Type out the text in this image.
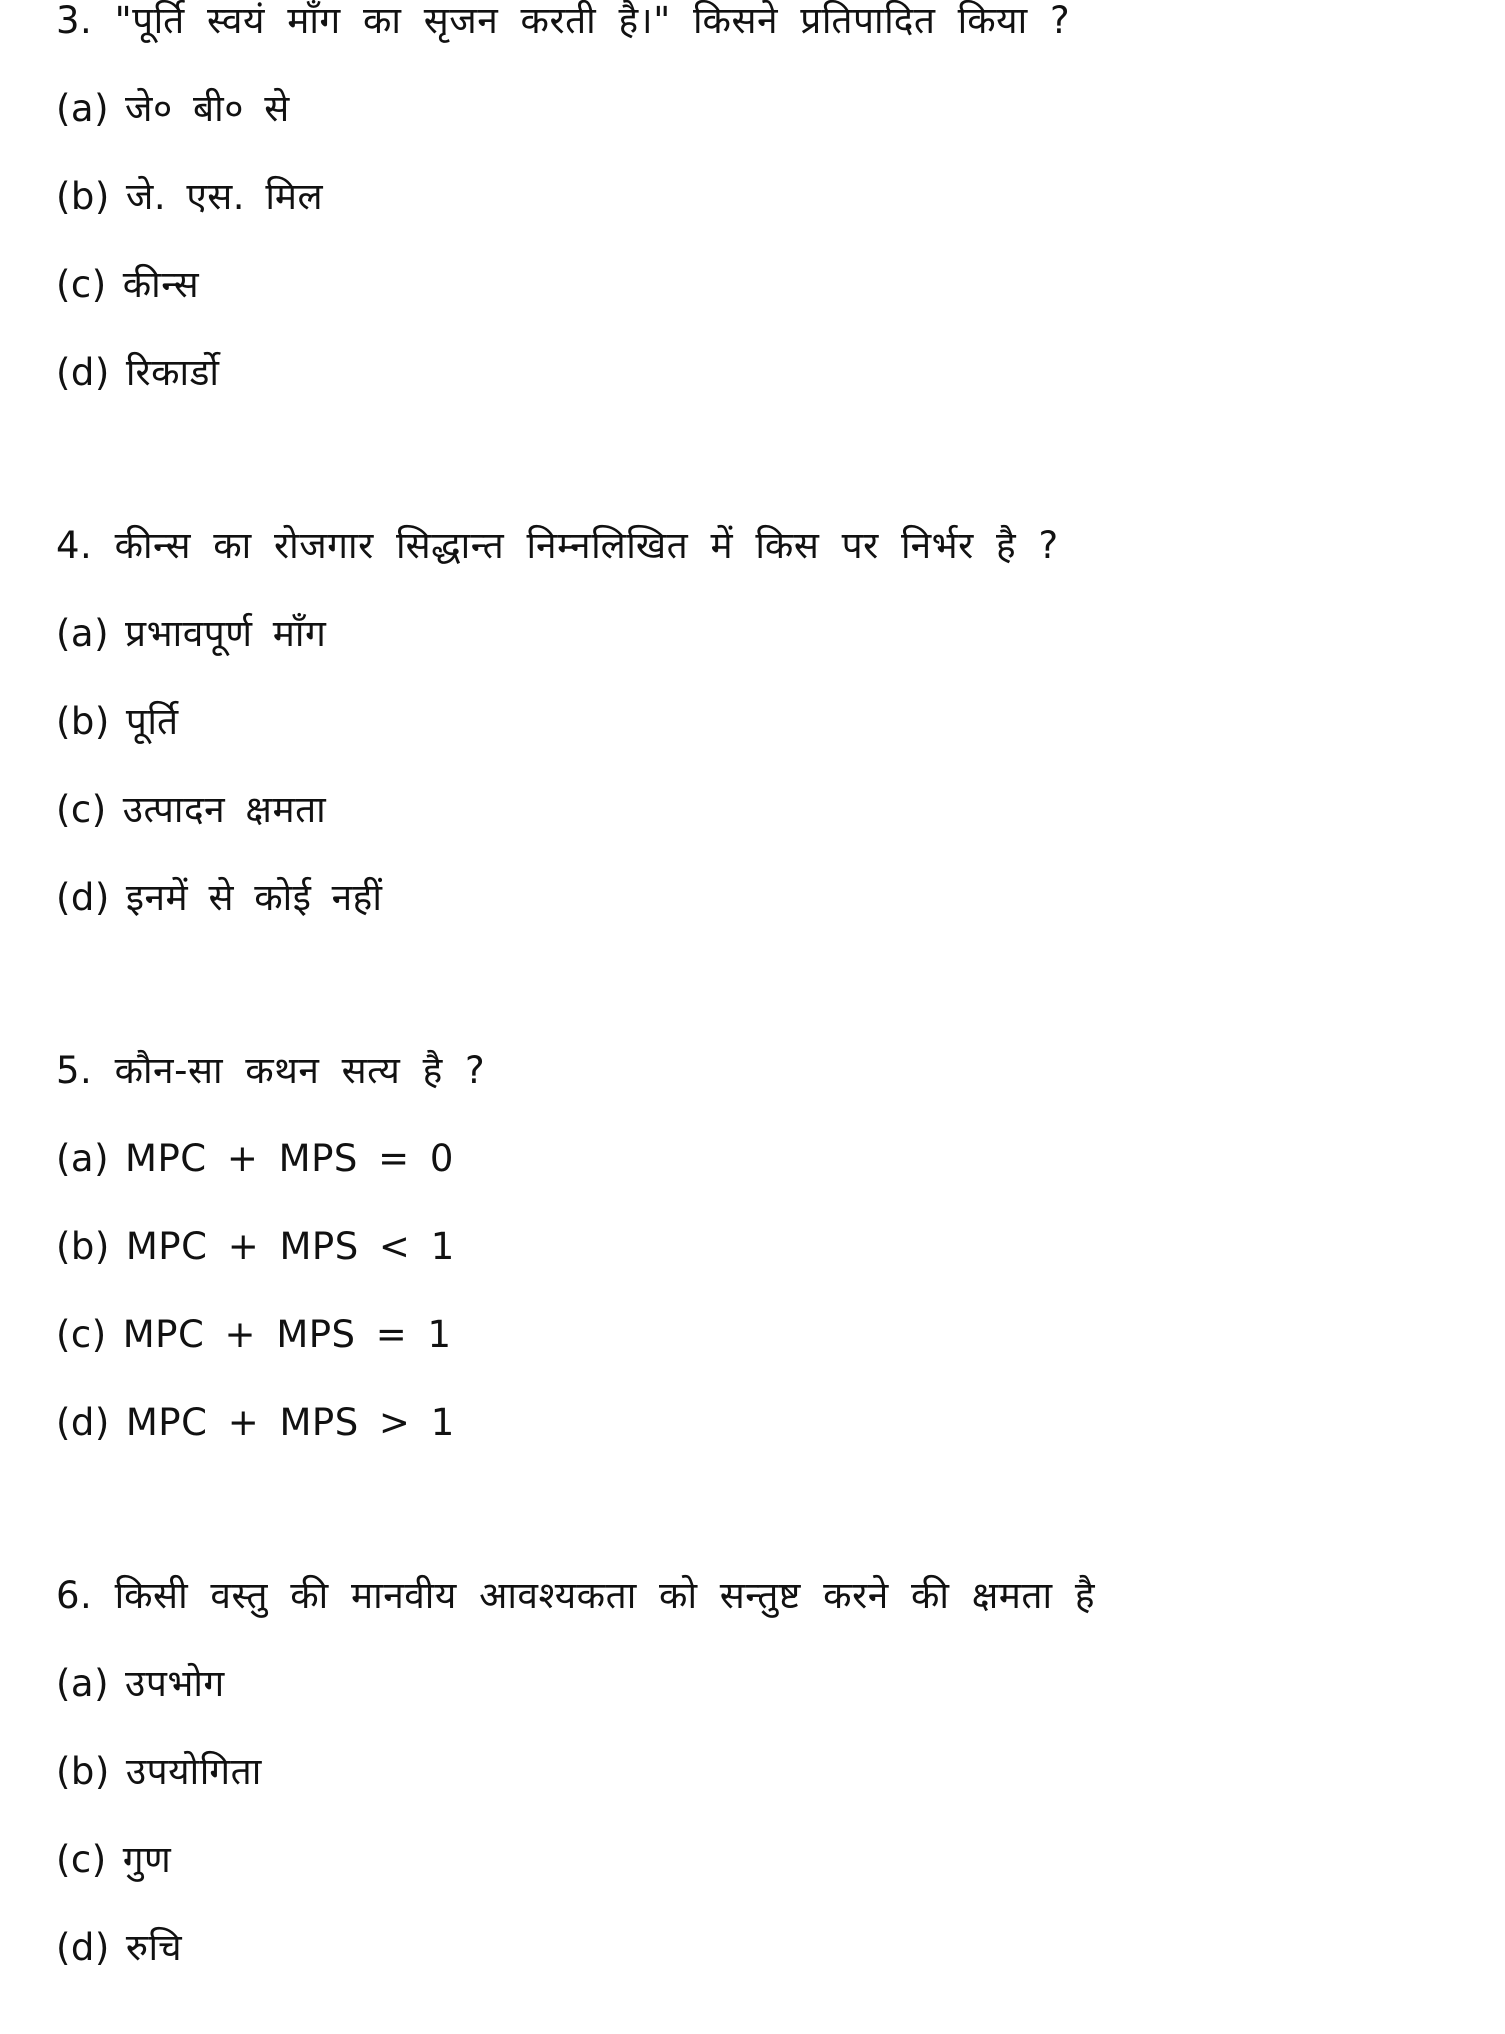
3. "पूर्ति स्वयं माँग का सृजन करती है।" किसने प्रतिपादित किया ?

(a) जे० बी० से
(b) जे. एस. मिल
(c) कीन्स
(d) रिकार्डो

4. कीन्स का रोजगार सिद्धान्त निम्नलिखित में किस पर निर्भर है ?

(a) प्रभावपूर्ण माँग
(b) पूर्ति
(c) उत्पादन क्षमता
(d) इनमें से कोई नहीं

5. कौन-सा कथन सत्य है ?

(a) MPC + MPS = 0
(b) MPC + MPS < 1
(c) MPC + MPS = 1
(d) MPC + MPS > 1

6. किसी वस्तु की मानवीय आवश्यकता को सन्तुष्ट करने की क्षमता है

(a) उपभोग
(b) उपयोगिता
(c) गुण
(d) रुचि
